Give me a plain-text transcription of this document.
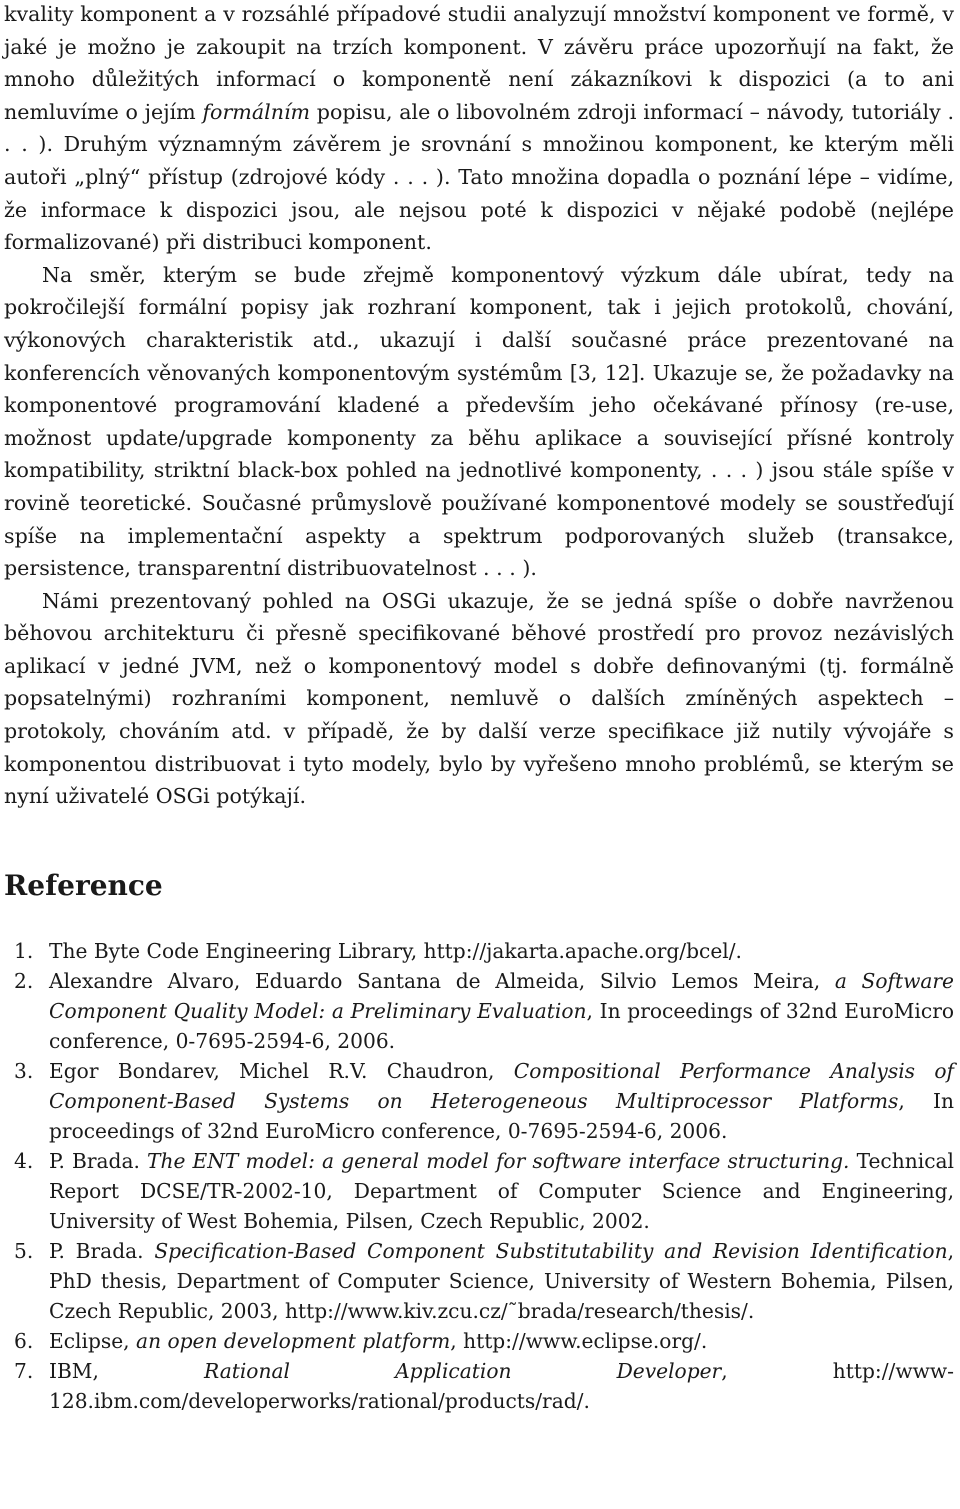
kvality komponent a v rozsáhlé případové studii analyzují množství komponent ve formě, v jaké je možno je zakoupit na trzích komponent. V závěru práce upozorňují na fakt, že mnoho důležitých informací o komponentě není zákazníkovi k dispozici (a to ani nemluvíme o jejím formálním popisu, ale o libovolném zdroji informací – návody, tutoriály . . . ). Druhým významným závěrem je srovnání s množinou komponent, ke kterým měli autoři „plný“ přístup (zdrojové kódy . . . ). Tato množina dopadla o poznání lépe – vidíme, že informace k dispozici jsou, ale nejsou poté k dispozici v nějaké podobě (nejlépe formalizované) při distribuci komponent.

Na směr, kterým se bude zřejmě komponentový výzkum dále ubírat, tedy na pokročilejší formální popisy jak rozhraní komponent, tak i jejich protokolů, chování, výkonových charakteristik atd., ukazují i další současné práce prezentované na konferencích věnovaných komponentovým systémům [3, 12]. Ukazuje se, že požadavky na komponentové programování kladené a především jeho očekávané přínosy (re-use, možnost update/upgrade komponenty za běhu aplikace a související přísné kontroly kompatibility, striktní black-box pohled na jednotlivé komponenty, . . . ) jsou stále spíše v rovině teoretické. Současné průmyslově používané komponentové modely se soustřeďují spíše na implementační aspekty a spektrum podporovaných služeb (transakce, persistence, transparentní distribuovatelnost . . . ).

Námi prezentovaný pohled na OSGi ukazuje, že se jedná spíše o dobře navrženou běhovou architekturu či přesně specifikované běhové prostředí pro provoz nezávislých aplikací v jedné JVM, než o komponentový model s dobře definovanými (tj. formálně popsatelnými) rozhraními komponent, nemluvě o dalších zmíněných aspektech – protokoly, chováním atd. v případě, že by další verze specifikace již nutily vývojáře s komponentou distribuovat i tyto modely, bylo by vyřešeno mnoho problémů, se kterým se nyní uživatelé OSGi potýkají.

Reference
1. The Byte Code Engineering Library, http://jakarta.apache.org/bcel/.
2. Alexandre Alvaro, Eduardo Santana de Almeida, Silvio Lemos Meira, a Software Component Quality Model: a Preliminary Evaluation, In proceedings of 32nd EuroMicro conference, 0-7695-2594-6, 2006.
3. Egor Bondarev, Michel R.V. Chaudron, Compositional Performance Analysis of Component-Based Systems on Heterogeneous Multiprocessor Platforms, In proceedings of 32nd EuroMicro conference, 0-7695-2594-6, 2006.
4. P. Brada. The ENT model: a general model for software interface structuring. Technical Report DCSE/TR-2002-10, Department of Computer Science and Engineering, University of West Bohemia, Pilsen, Czech Republic, 2002.
5. P. Brada. Specification-Based Component Substitutability and Revision Identification, PhD thesis, Department of Computer Science, University of Western Bohemia, Pilsen, Czech Republic, 2003, http://www.kiv.zcu.cz/˜brada/research/thesis/.
6. Eclipse, an open development platform, http://www.eclipse.org/.
7. IBM, Rational Application Developer, http://www-128.ibm.com/developerworks/rational/products/rad/.
